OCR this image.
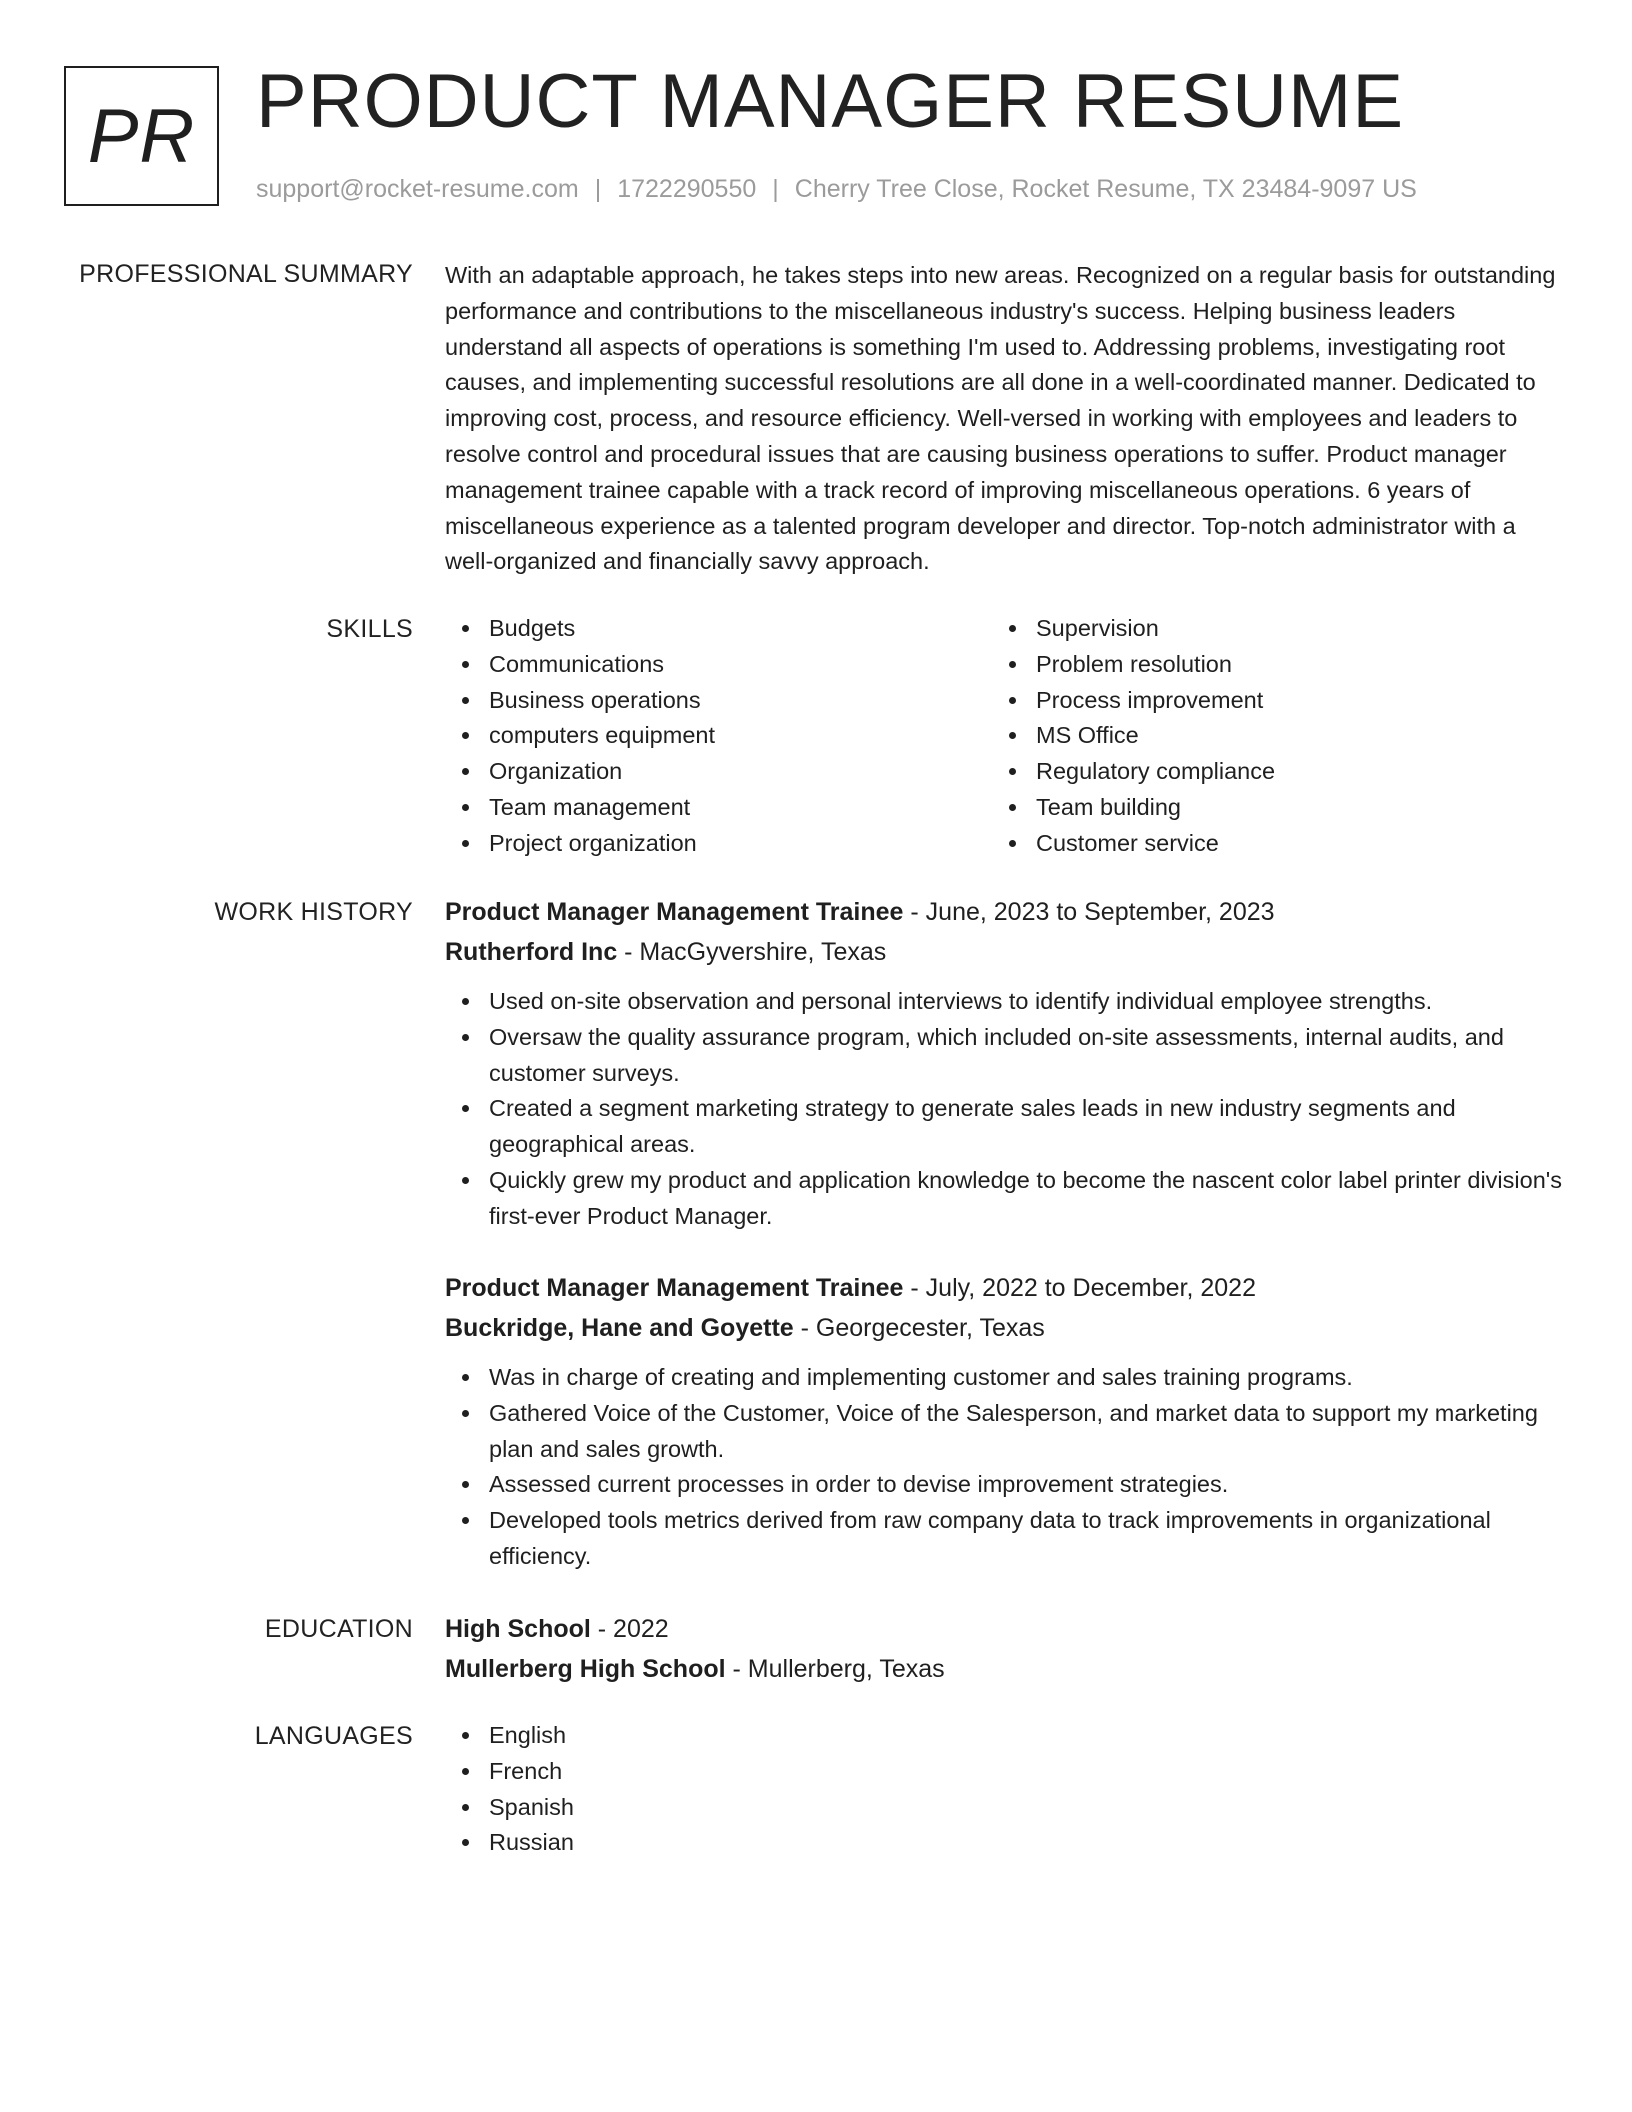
PR PRODUCT MANAGER RESUME
support@rocket-resume.com | 1722290550 | Cherry Tree Close, Rocket Resume, TX 23484-9097 US
PROFESSIONAL SUMMARY With an adaptable approach, he takes steps into new areas. Recognized on a regular basis for outstanding performance and contributions to the miscellaneous industry's success. Helping business leaders understand all aspects of operations is something I'm used to. Addressing problems, investigating root causes, and implementing successful resolutions are all done in a well-coordinated manner. Dedicated to improving cost, process, and resource efficiency. Well-versed in working with employees and leaders to resolve control and procedural issues that are causing business operations to suffer. Product manager management trainee capable with a track record of improving miscellaneous operations. 6 years of miscellaneous experience as a talented program developer and director. Top-notch administrator with a well-organized and financially savvy approach.

SKILLS	Budgets
Communications
Business operations
computers equipment
Organization
Team management
Project organization
Supervision
Problem resolution
Process improvement
MS Office
Regulatory compliance
Team building
Customer service
WORK HISTORY Product Manager Management Trainee - June, 2023 to September, 2023
Rutherford Inc - MacGyvershire, Texas
Used on-site observation and personal interviews to identify individual employee strengths.
Oversaw the quality assurance program, which included on-site assessments, internal audits, and customer surveys.
Created a segment marketing strategy to generate sales leads in new industry segments and geographical areas.
Quickly grew my product and application knowledge to become the nascent color label printer division's first-ever Product Manager.
Product Manager Management Trainee - July, 2022 to December, 2022
Buckridge, Hane and Goyette - Georgecester, Texas
Was in charge of creating and implementing customer and sales training programs.
Gathered Voice of the Customer, Voice of the Salesperson, and market data to support my marketing plan and sales growth.
Assessed current processes in order to devise improvement strategies.
Developed tools metrics derived from raw company data to track improvements in organizational efficiency.
EDUCATION High School - 2022
Mullerberg High School - Mullerberg, Texas
LANGUAGES	English
French
Spanish
Russian
